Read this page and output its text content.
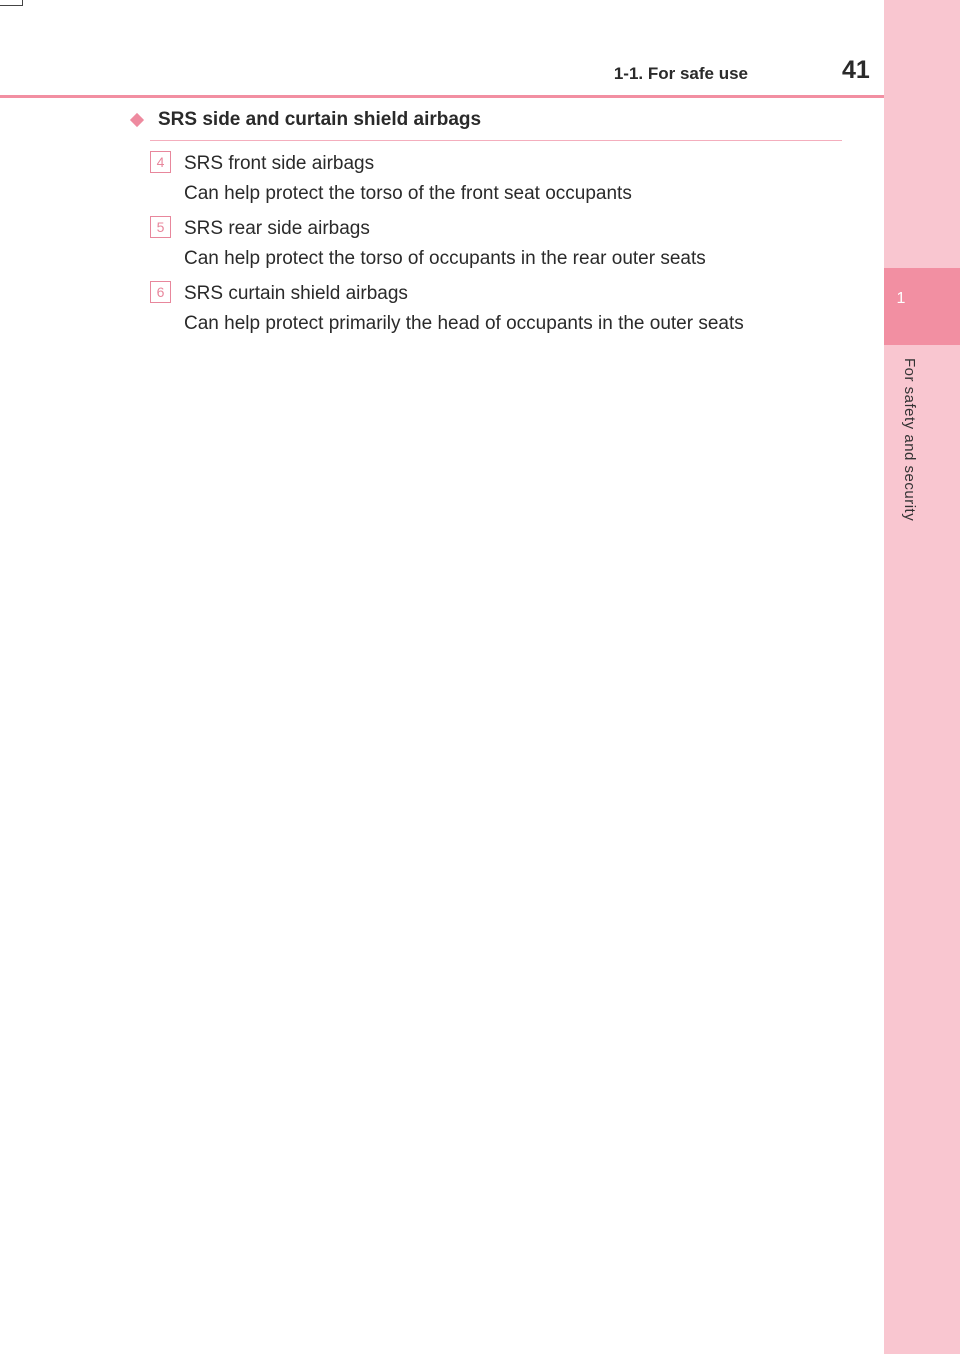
1
For safety and security
1-1. For safe use	41
SRS side and curtain shield airbags
4	SRS front side airbags
Can help protect the torso of the front seat occupants
5	SRS rear side airbags
Can help protect the torso of occupants in the rear outer seats
6	SRS curtain shield airbags
Can help protect primarily the head of occupants in the outer seats
